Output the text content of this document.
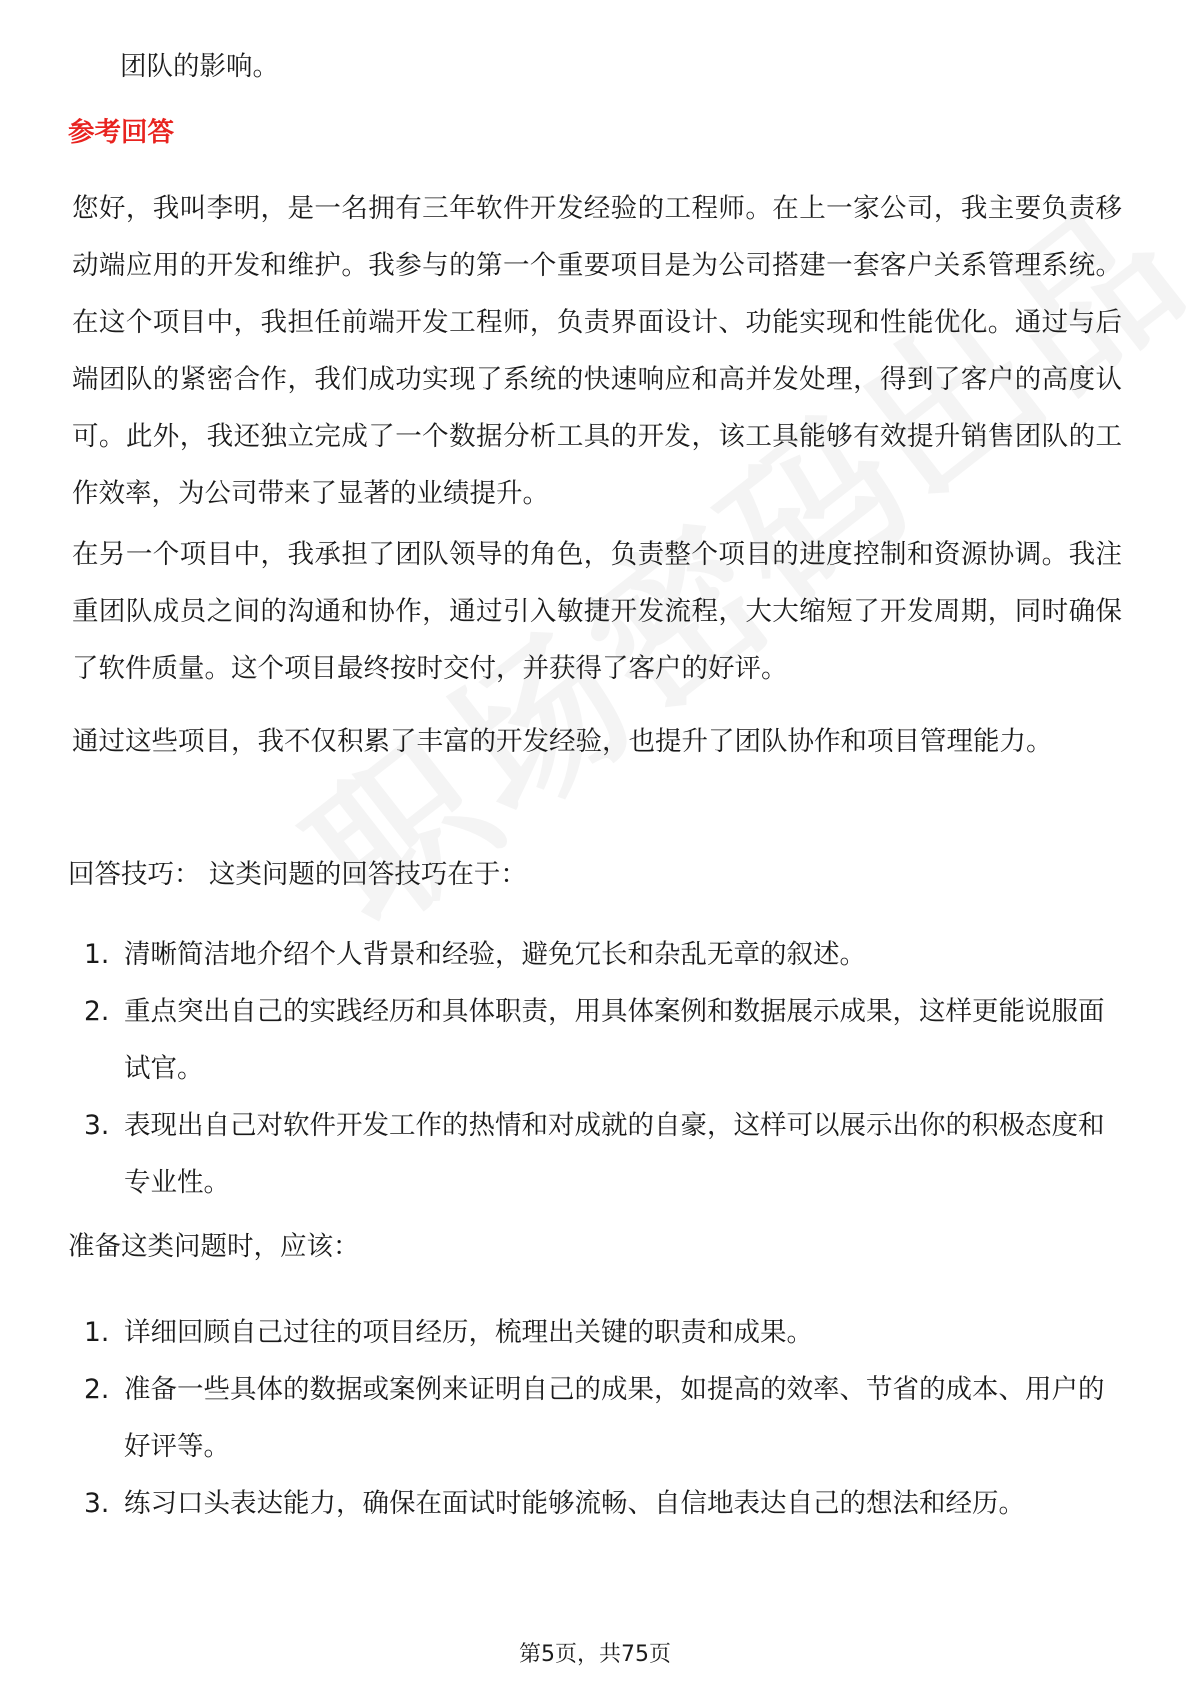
团队的影响。
参考回答

您好，我叫李明，是一名拥有三年软件开发经验的工程师。在上一家公司，我主要负责移动端应用的开发和维护。我参与的第一个重要项目是为公司搭建一套客户关系管理系统。在这个项目中，我担任前端开发工程师，负责界面设计、功能实现和性能优化。通过与后端团队的紧密合作，我们成功实现了系统的快速响应和高并发处理，得到了客户的高度认可。此外，我还独立完成了一个数据分析工具的开发，该工具能够有效提升销售团队的工作效率，为公司带来了显著的业绩提升。

在另一个项目中，我承担了团队领导的角色，负责整个项目的进度控制和资源协调。我注重团队成员之间的沟通和协作，通过引入敏捷开发流程，大大缩短了开发周期，同时确保了软件质量。这个项目最终按时交付，并获得了客户的好评。

通过这些项目，我不仅积累了丰富的开发经验，也提升了团队协作和项目管理能力。

回答技巧： 这类问题的回答技巧在于：
1. 清晰简洁地介绍个人背景和经验，避免冗长和杂乱无章的叙述。
2. 重点突出自己的实践经历和具体职责，用具体案例和数据展示成果，这样更能说服面试官。
3. 表现出自己对软件开发工作的热情和对成就的自豪，这样可以展示出你的积极态度和专业性。
准备这类问题时，应该：
1. 详细回顾自己过往的项目经历，梳理出关键的职责和成果。
2. 准备一些具体的数据或案例来证明自己的成果，如提高的效率、节省的成本、用户的好评等。
3. 练习口头表达能力，确保在面试时能够流畅、自信地表达自己的想法和经历。
第5页，共75页
